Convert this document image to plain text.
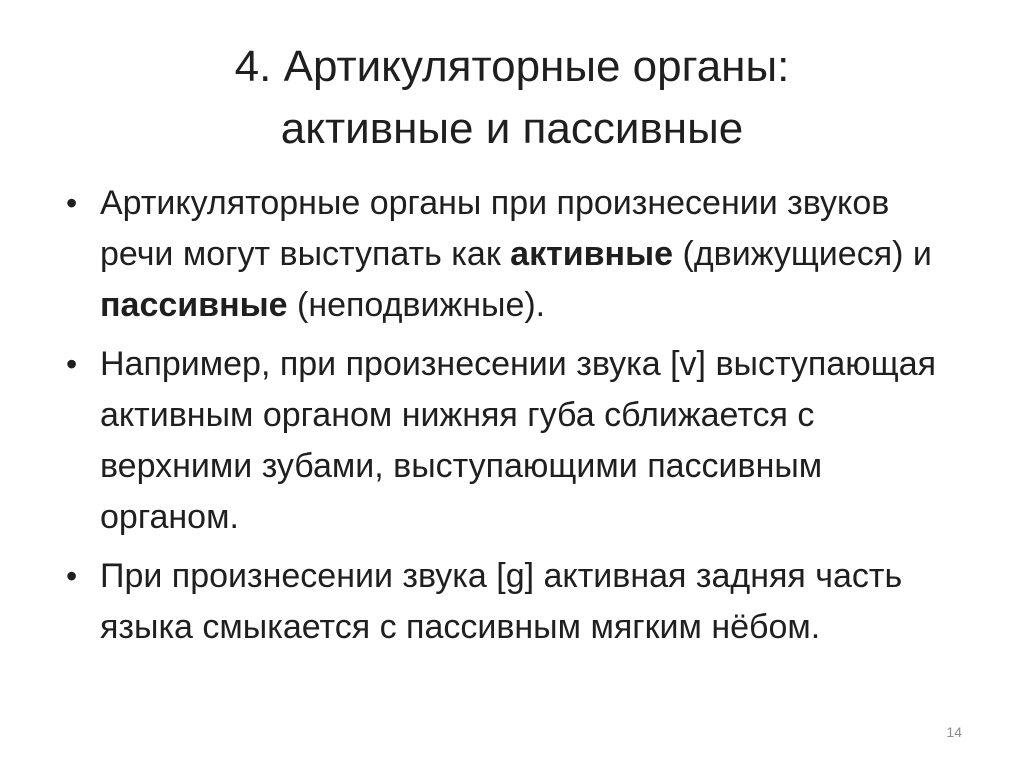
4. Артикуляторные органы:
активные и пассивные
• Артикуляторные органы при произнесении звуков речи могут выступать как активные (движущиеся) и пассивные (неподвижные).
• Например, при произнесении звука [v] выступающая активным органом нижняя губа сближается с верхними зубами, выступающими пассивным органом.
• При произнесении звука [g] активная задняя часть языка смыкается с пассивным мягким нёбом.
14
